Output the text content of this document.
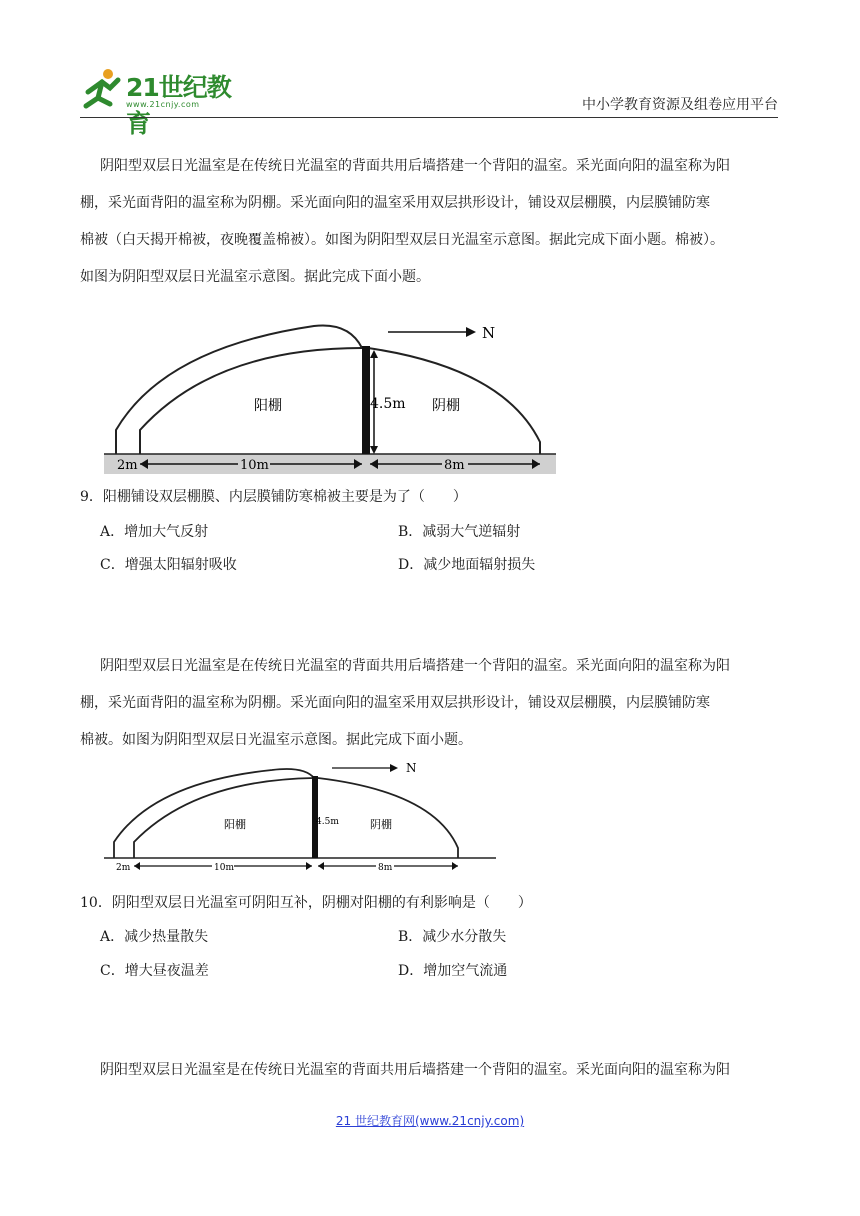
21世纪教育
www.21cnjy.com	中小学教育资源及组卷应用平台
阴阳型双层日光温室是在传统日光温室的背面共用后墙搭建一个背阳的温室。采光面向阳的温室称为阳
棚，采光面背阳的温室称为阴棚。采光面向阳的温室采用双层拱形设计，铺设双层棚膜，内层膜铺防寒
棉被（白天揭开棉被，夜晚覆盖棉被）。如图为阴阳型双层日光温室示意图。据此完成下面小题。棉被）。
如图为阴阳型双层日光温室示意图。据此完成下面小题。
4.5m
阳棚	阴棚
N
2m	10m	8m
9．阳棚铺设双层棚膜、内层膜铺防寒棉被主要是为了（　　）
A．增加大气反射	B．减弱大气逆辐射
C．增强太阳辐射吸收	D．减少地面辐射损失
阴阳型双层日光温室是在传统日光温室的背面共用后墙搭建一个背阳的温室。采光面向阳的温室称为阳
棚，采光面背阳的温室称为阴棚。采光面向阳的温室采用双层拱形设计，铺设双层棚膜，内层膜铺防寒
棉被。如图为阴阳型双层日光温室示意图。据此完成下面小题。
4.5m
阳棚	阴棚
N
2m	10m	8m
10．阴阳型双层日光温室可阴阳互补，阴棚对阳棚的有利影响是（　　）
A．减少热量散失	B．减少水分散失
C．增大昼夜温差	D．增加空气流通
阴阳型双层日光温室是在传统日光温室的背面共用后墙搭建一个背阳的温室。采光面向阳的温室称为阳
21 世纪教育网(www.21cnjy.com)
